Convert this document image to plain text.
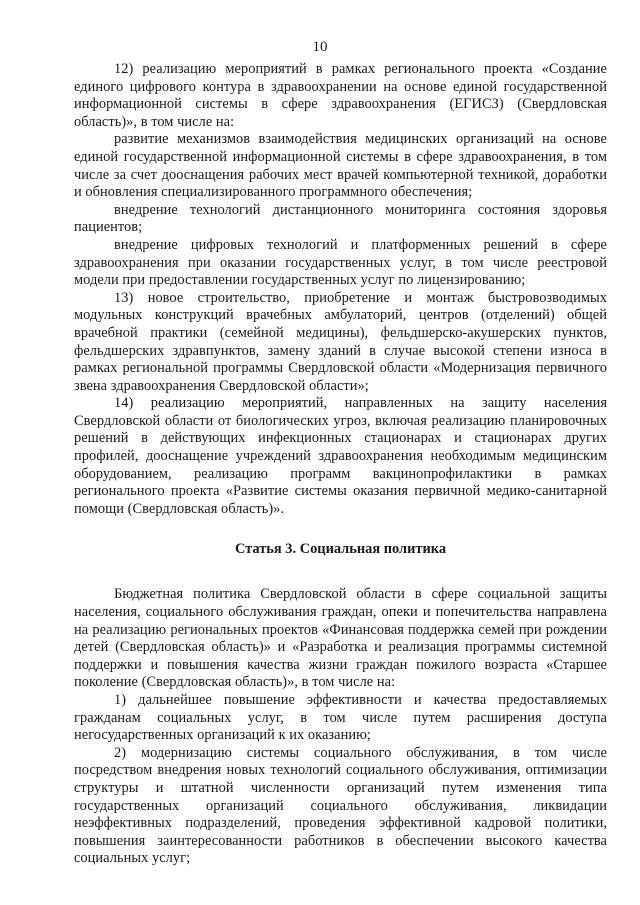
10

12) реализацию мероприятий в рамках регионального проекта «Создание единого цифрового контура в здравоохранении на основе единой государственной информационной системы в сфере здравоохранения (ЕГИСЗ) (Свердловская область)», в том числе на:

развитие механизмов взаимодействия медицинских организаций на основе единой государственной информационной системы в сфере здравоохранения, в том числе за счет дооснащения рабочих мест врачей компьютерной техникой, доработки и обновления специализированного программного обеспечения;

внедрение технологий дистанционного мониторинга состояния здоровья пациентов;

внедрение цифровых технологий и платформенных решений в сфере здравоохранения при оказании государственных услуг, в том числе реестровой модели при предоставлении государственных услуг по лицензированию;

13) новое строительство, приобретение и монтаж быстровозводимых модульных конструкций врачебных амбулаторий, центров (отделений) общей врачебной практики (семейной медицины), фельдшерско-акушерских пунктов, фельдшерских здравпунктов, замену зданий в случае высокой степени износа в рамках региональной программы Свердловской области «Модернизация первичного звена здравоохранения Свердловской области»;

14) реализацию мероприятий, направленных на защиту населения Свердловской области от биологических угроз, включая реализацию планировочных решений в действующих инфекционных стационарах и стационарах других профилей, дооснащение учреждений здравоохранения необходимым медицинским оборудованием, реализацию программ вакцинопрофилактики в рамках регионального проекта «Развитие системы оказания первичной медико-санитарной помощи (Свердловская область)».

Статья 3. Социальная политика

Бюджетная политика Свердловской области в сфере социальной защиты населения, социального обслуживания граждан, опеки и попечительства направлена на реализацию региональных проектов «Финансовая поддержка семей при рождении детей (Свердловская область)» и «Разработка и реализация программы системной поддержки и повышения качества жизни граждан пожилого возраста «Старшее поколение (Свердловская область)», в том числе на:

1) дальнейшее повышение эффективности и качества предоставляемых гражданам социальных услуг, в том числе путем расширения доступа негосударственных организаций к их оказанию;

2) модернизацию системы социального обслуживания, в том числе посредством внедрения новых технологий социального обслуживания, оптимизации структуры и штатной численности организаций путем изменения типа государственных организаций социального обслуживания, ликвидации неэффективных подразделений, проведения эффективной кадровой политики, повышения заинтересованности работников в обеспечении высокого качества социальных услуг;
